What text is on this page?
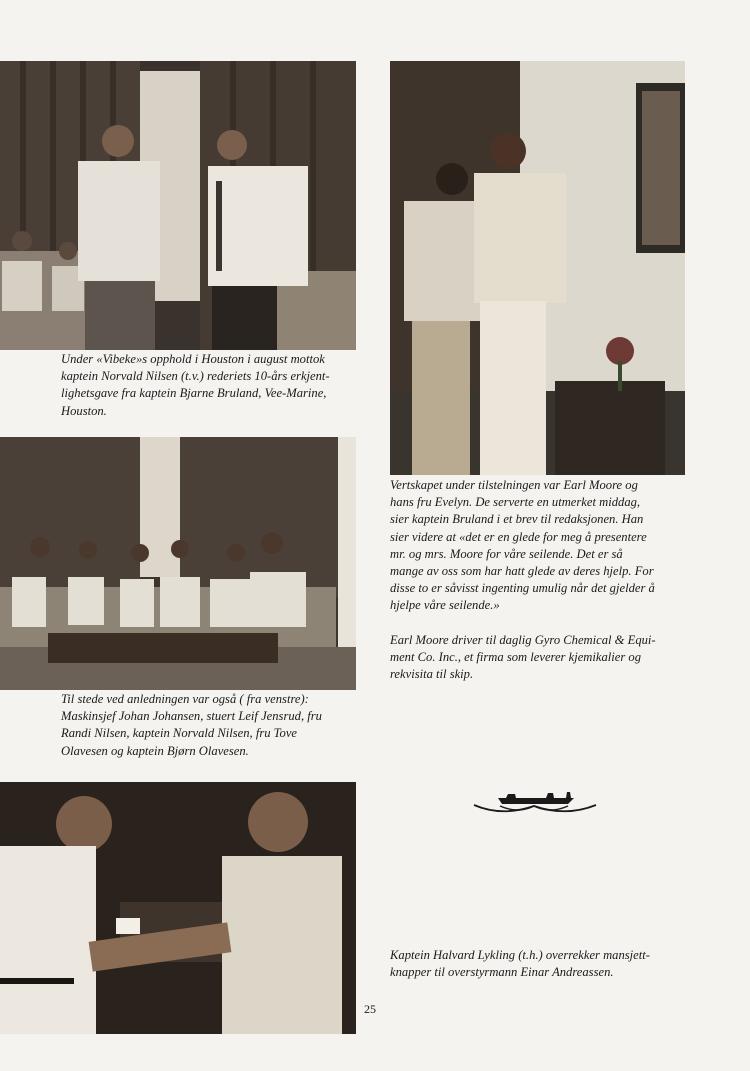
Under «Vibeke»s opphold i Houston i august mottok
kaptein Norvald Nilsen (t.v.) rederiets 10-års erkjent-
lighetsgave fra kaptein Bjarne Bruland, Vee-Marine,
Houston.

Vertskapet under tilstelningen var Earl Moore og
hans fru Evelyn. De serverte en utmerket middag,
sier kaptein Bruland i et brev til redaksjonen. Han
sier videre at «det er en glede for meg å presentere
mr. og mrs. Moore for våre seilende. Det er så
mange av oss som har hatt glede av deres hjelp. For
disse to er såvisst ingenting umulig når det gjelder å
hjelpe våre seilende.»

Earl Moore driver til daglig Gyro Chemical & Equi-
ment Co. Inc., et firma som leverer kjemikalier og
rekvisita til skip.

Til stede ved anledningen var også ( fra venstre):
Maskinsjef Johan Johansen, stuert Leif Jensrud, fru
Randi Nilsen, kaptein Norvald Nilsen, fru Tove
Olavesen og kaptein Bjørn Olavesen.

Kaptein Halvard Lykling (t.h.) overrekker mansjett-
knapper til overstyrmann Einar Andreassen.

25
